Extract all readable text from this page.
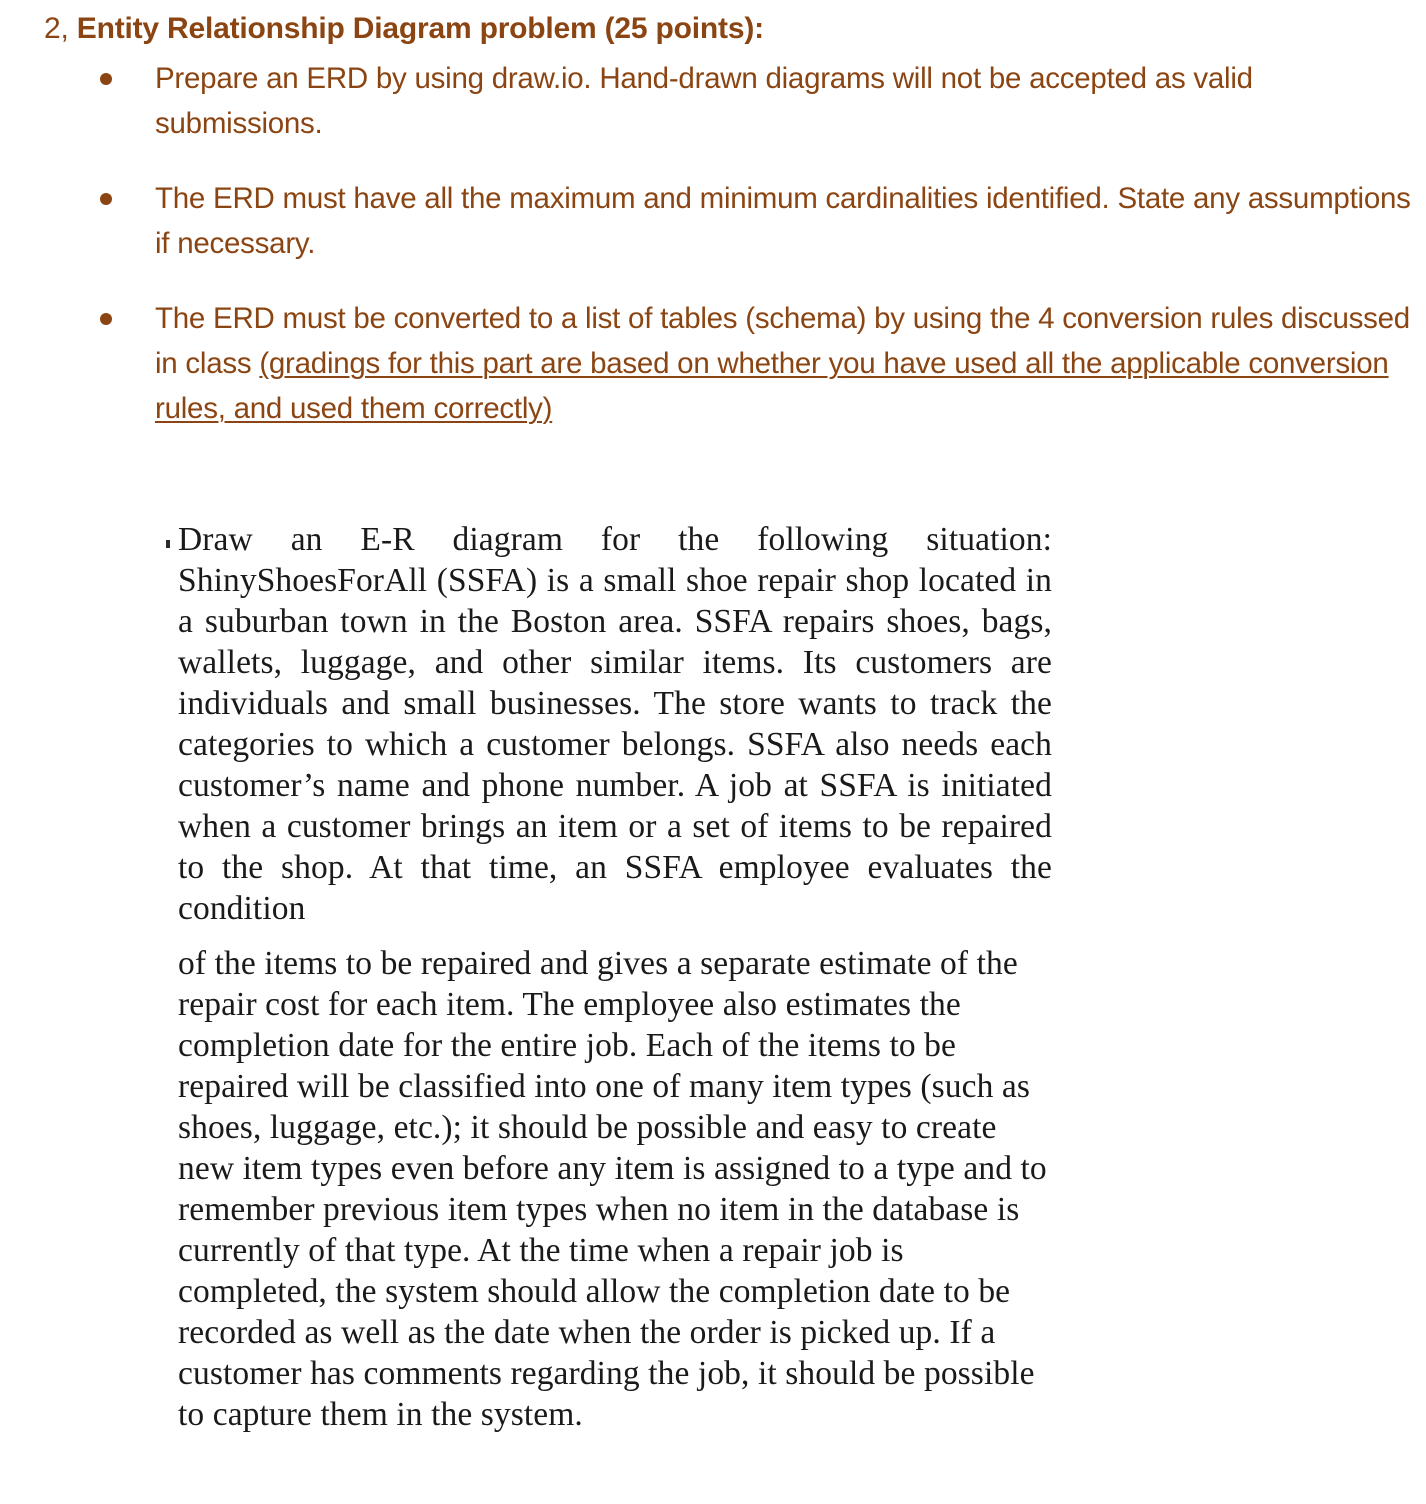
2, Entity Relationship Diagram problem (25 points):
Prepare an ERD by using draw.io. Hand-drawn diagrams will not be accepted as valid submissions.
The ERD must have all the maximum and minimum cardinalities identified. State any assumptions if necessary.
The ERD must be converted to a list of tables (schema) by using the 4 conversion rules discussed in class (gradings for this part are based on whether you have used all the applicable conversion rules, and used them correctly)

Draw an E-R diagram for the following situation: ShinyShoesForAll (SSFA) is a small shoe repair shop located in a suburban town in the Boston area. SSFA repairs shoes, bags, wallets, luggage, and other similar items. Its customers are individuals and small businesses. The store wants to track the categories to which a customer belongs. SSFA also needs each customer’s name and phone number. A job at SSFA is initiated when a customer brings an item or a set of items to be repaired to the shop. At that time, an SSFA employee evaluates the condition

of the items to be repaired and gives a separate estimate of the repair cost for each item. The employee also estimates the completion date for the entire job. Each of the items to be repaired will be classified into one of many item types (such as shoes, luggage, etc.); it should be possible and easy to create new item types even before any item is assigned to a type and to remember previous item types when no item in the database is currently of that type. At the time when a repair job is completed, the system should allow the completion date to be recorded as well as the date when the order is picked up. If a customer has comments regarding the job, it should be possible to capture them in the system.
